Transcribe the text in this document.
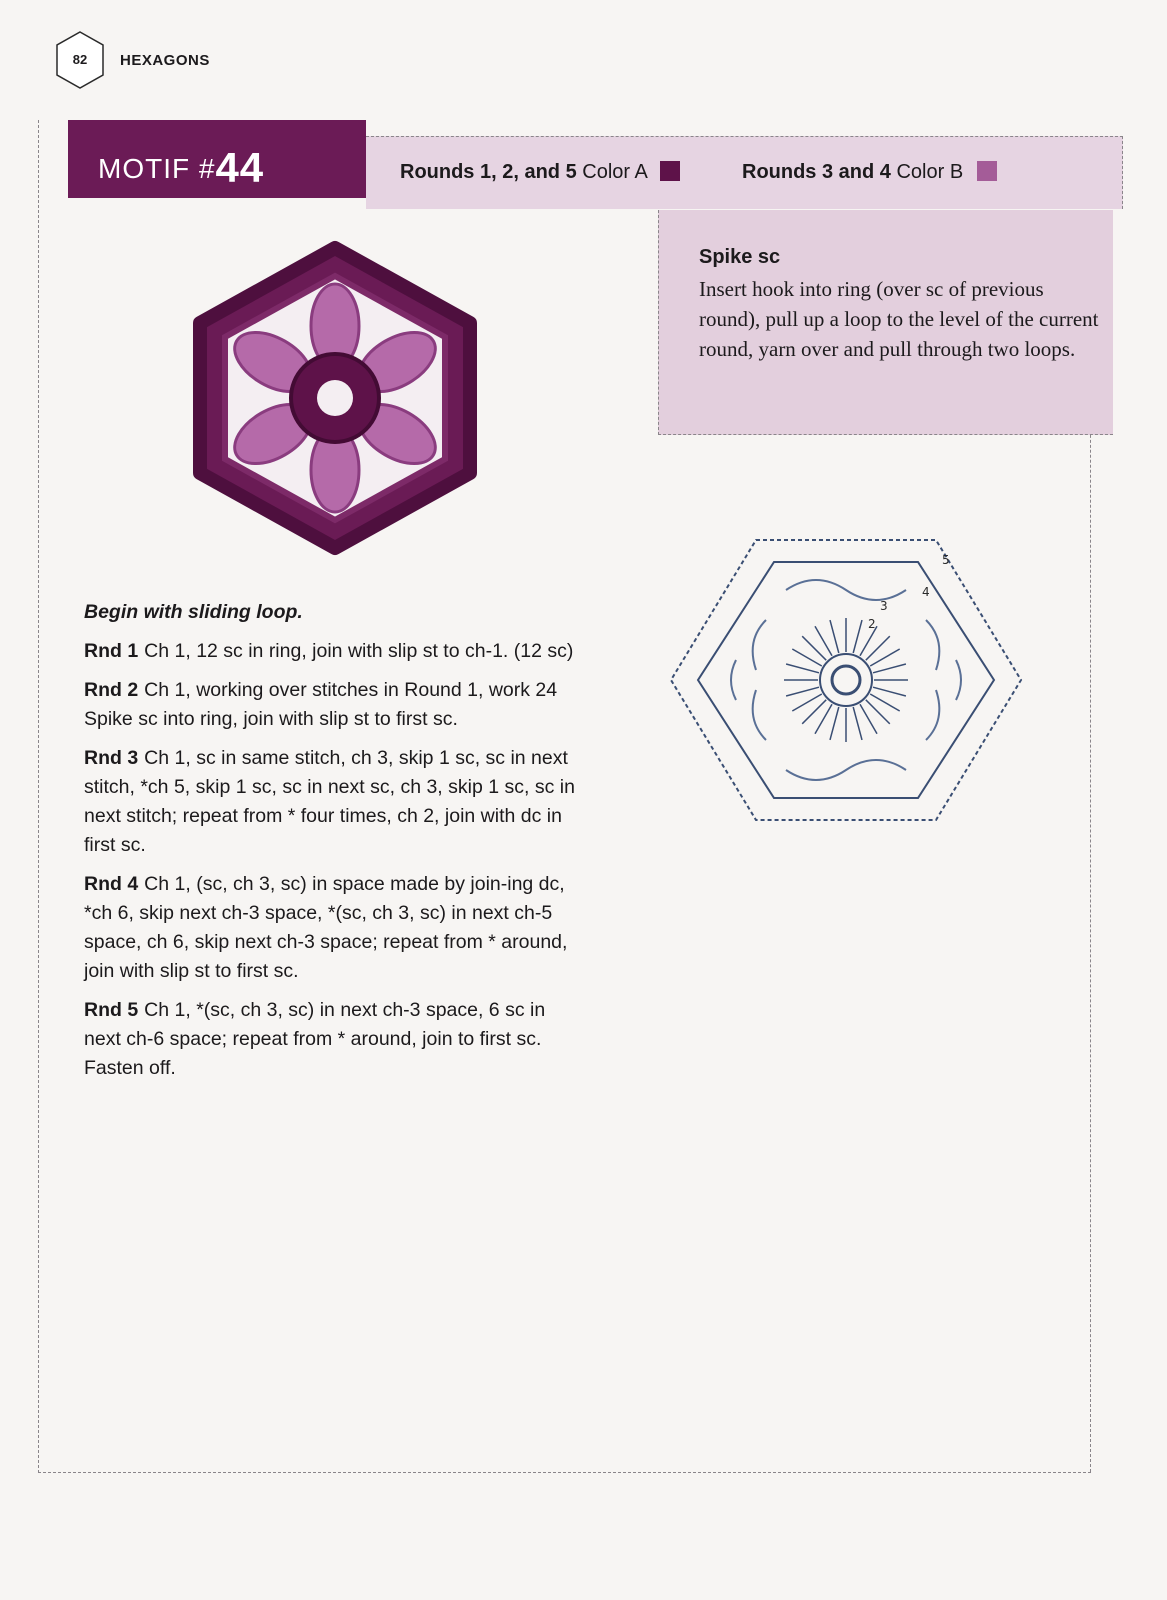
82	HEXAGONS
Rounds 1, 2, and 5 Color A	Rounds 3 and 4 Color B
MOTIF #44
Spike sc
Insert hook into ring (over sc of previous round), pull up a loop to the level of the current round, yarn over and pull through two loops.
3
2
4
5
Begin with sliding loop.

Rnd 1 Ch 1, 12 sc in ring, join with slip st to ch-1. (12 sc)

Rnd 2 Ch 1, working over stitches in Round 1, work 24 Spike sc into ring, join with slip st to first sc.

Rnd 3 Ch 1, sc in same stitch, ch 3, skip 1 sc, sc in next stitch, *ch 5, skip 1 sc, sc in next sc, ch 3, skip 1 sc, sc in next stitch; repeat from * four times, ch 2, join with dc in first sc.

Rnd 4 Ch 1, (sc, ch 3, sc) in space made by join-ing dc, *ch 6, skip next ch-3 space, *(sc, ch 3, sc) in next ch-5 space, ch 6, skip next ch-3 space; repeat from * around, join with slip st to first sc.

Rnd 5 Ch 1, *(sc, ch 3, sc) in next ch-3 space, 6 sc in next ch-6 space; repeat from * around, join to first sc. Fasten off.
